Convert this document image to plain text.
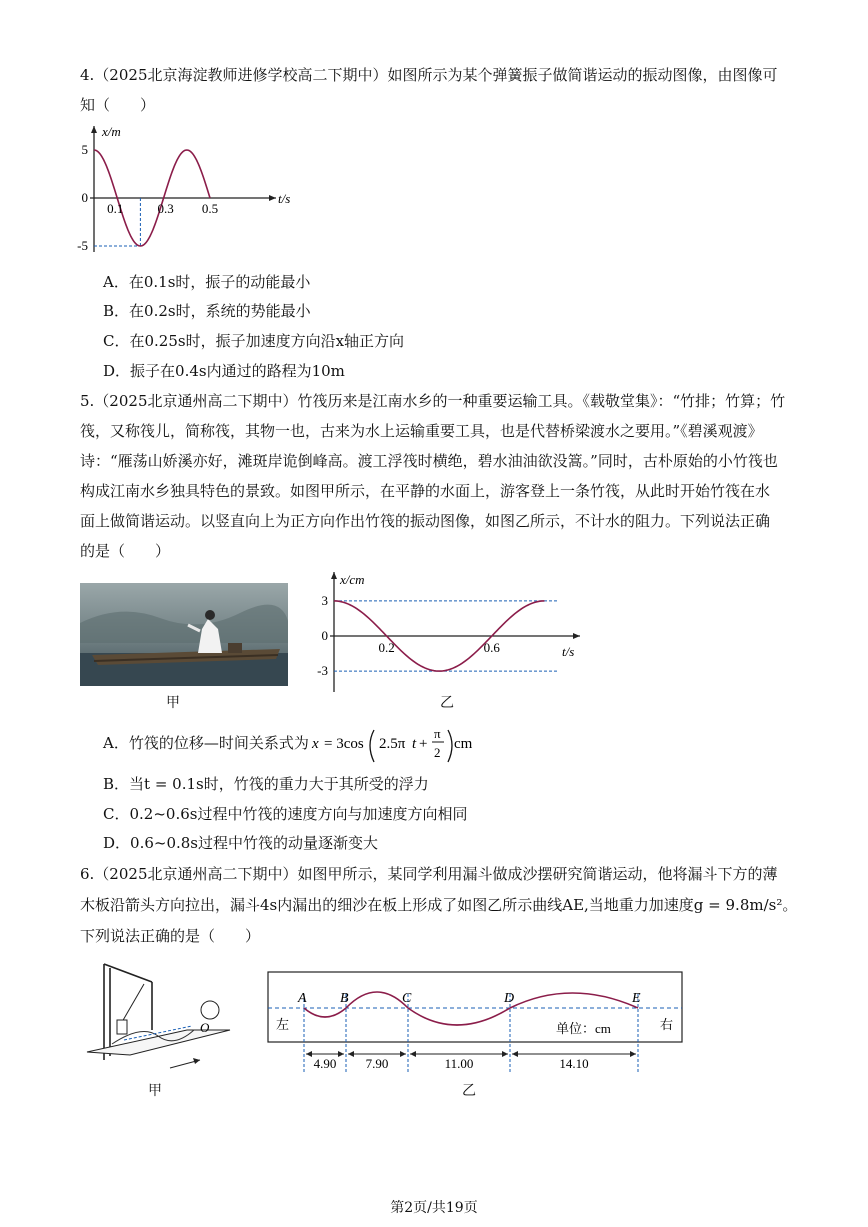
4.（2025北京海淀教师进修学校高二下期中）如图所示为某个弹簧振子做简谐运动的振动图像，由图像可
知（　　）
5
0
-5
0.1	0.3 0.5
t/s
x/m
A．在0.1s时，振子的动能最小
B．在0.2s时，系统的势能最小
C．在0.25s时，振子加速度方向沿x轴正方向
D．振子在0.4s内通过的路程为10m
5.（2025北京通州高二下期中）竹筏历来是江南水乡的一种重要运输工具。《载敬堂集》：“竹排；竹算；竹
筏，又称筏儿，简称筏，其物一也，古来为水上运输重要工具，也是代替桥梁渡水之要用。”《碧溪观渡》
诗：“雁荡山娇溪亦好，滩斑岸诡倒峰高。渡工浮筏时横绝，碧水油油欲没篙。”同时，古朴原始的小竹筏也
构成江南水乡独具特色的景致。如图甲所示，在平静的水面上，游客登上一条竹筏，从此时开始竹筏在水
面上做简谐运动。以竖直向上为正方向作出竹筏的振动图像，如图乙所示，不计水的阻力。下列说法正确
的是（　　）
甲
3
0
-3
0.2	0.6	t/s
x/cm
乙
A．竹筏的位移—时间关系式为 x = 3cos 2.5π t +
π
2
cm
B．当t = 0.1s时，竹筏的重力大于其所受的浮力
C．0.2~0.6s过程中竹筏的速度方向与加速度方向相同
D．0.6~0.8s过程中竹筏的动量逐渐变大
6.（2025北京通州高二下期中）如图甲所示，某同学利用漏斗做成沙摆研究简谐运动，他将漏斗下方的薄
木板沿箭头方向拉出，漏斗4s内漏出的细沙在板上形成了如图乙所示曲线AE,当地重力加速度g = 9.8m/s²。
下列说法正确的是（　　）
O
甲
A B	C	D	E
4.90 7.90	11.00	14.10
左	右
单位：cm
乙
第2页/共19页
